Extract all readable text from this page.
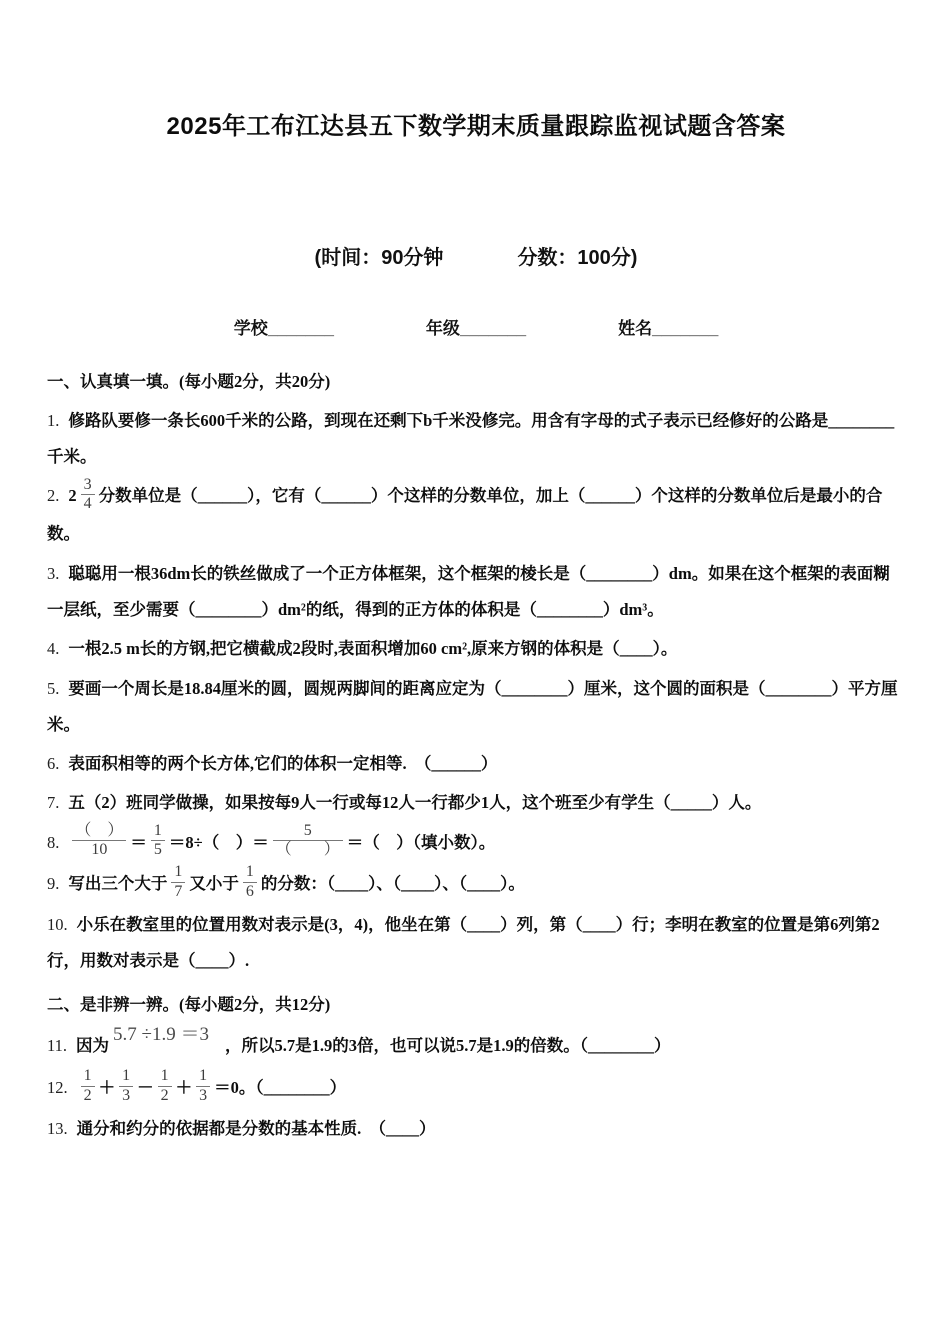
2025年工布江达县五下数学期末质量跟踪监视试题含答案
(时间：90分钟	分数：100分)
学校_______	年级_______	姓名_______

一、认真填一填。(每小题2分，共20分)

1. 修路队要修一条长600千米的公路，到现在还剩下b千米没修完。用含有字母的式子表示已经修好的公路是________千米。

2. $2 \frac{3}{4}$ 分数单位是（______），它有（______）个这样的分数单位，加上（______）个这样的分数单位后是最小的合数。

3. 聪聪用一根36dm长的铁丝做成了一个正方体框架，这个框架的棱长是（________）dm。如果在这个框架的表面糊一层纸，至少需要（________）dm²的纸，得到的正方体的体积是（________）dm³。

4. 一根2.5 m长的方钢,把它横截成2段时,表面积增加60 cm²,原来方钢的体积是（____）。

5. 要画一个周长是18.84厘米的圆，圆规两脚间的距离应定为（________）厘米，这个圆的面积是（________）平方厘米。

6. 表面积相等的两个长方体,它们的体积一定相等.　（______）

7. 五（2）班同学做操，如果按每9人一行或每12人一行都少1人，这个班至少有学生（_____）人。

8. $\frac{( )}{10} = \frac{1}{5} =8\div$（　）＝ $\frac{5}{( )}$ ＝（　）（填小数）。

9. 写出三个大于 $\frac{1}{7}$ 又小于 $\frac{1}{6}$ 的分数：（____）、（____）、（____）。

10. 小乐在教室里的位置用数对表示是(3，4)，他坐在第（____）列，第（____）行；李明在教室的位置是第6列第2行，用数对表示是（____）.

二、是非辨一辨。(每小题2分，共12分)

11. 因为5.7 ÷1.9 ＝3，所以5.7是1.9的3倍，也可以说5.7是1.9的倍数。（________）

12. $\frac{1}{2} + \frac{1}{3} - \frac{1}{2} + \frac{1}{3} =0$。（________）

13. 通分和约分的依据都是分数的基本性质.　（____）
